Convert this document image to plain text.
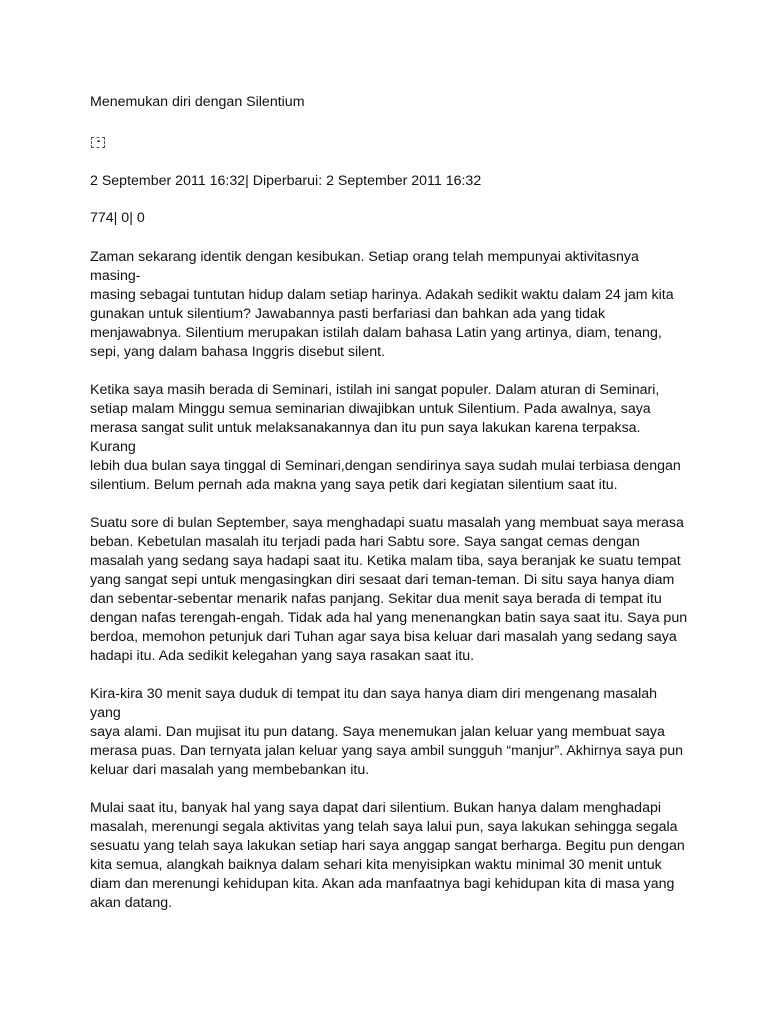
Menemukan diri dengan Silentium
▪▪
2 September 2011 16:32| Diperbarui: 2 September 2011 16:32
774| 0| 0

Zaman sekarang identik dengan kesibukan. Setiap orang telah mempunyai aktivitasnya masing-

masing sebagai tuntutan hidup dalam setiap harinya. Adakah sedikit waktu dalam 24 jam kita

gunakan untuk silentium? Jawabannya pasti berfariasi dan bahkan ada yang tidak

menjawabnya. Silentium merupakan istilah dalam bahasa Latin yang artinya, diam, tenang,

sepi, yang dalam bahasa Inggris disebut silent.

Ketika saya masih berada di Seminari, istilah ini sangat populer. Dalam aturan di Seminari,

setiap malam Minggu semua seminarian diwajibkan untuk Silentium. Pada awalnya, saya

merasa sangat sulit untuk melaksanakannya dan itu pun saya lakukan karena terpaksa. Kurang

lebih dua bulan saya tinggal di Seminari,dengan sendirinya saya sudah mulai terbiasa dengan

silentium. Belum pernah ada makna yang saya petik dari kegiatan silentium saat itu.

Suatu sore di bulan September, saya menghadapi suatu masalah yang membuat saya merasa

beban. Kebetulan masalah itu terjadi pada hari Sabtu sore. Saya sangat cemas dengan

masalah yang sedang saya hadapi saat itu. Ketika malam tiba, saya beranjak ke suatu tempat

yang sangat sepi untuk mengasingkan diri sesaat dari teman-teman. Di situ saya hanya diam

dan sebentar-sebentar menarik nafas panjang. Sekitar dua menit saya berada di tempat itu

dengan nafas terengah-engah. Tidak ada hal yang menenangkan batin saya saat itu. Saya pun

berdoa, memohon petunjuk dari Tuhan agar saya bisa keluar dari masalah yang sedang saya

hadapi itu. Ada sedikit kelegahan yang saya rasakan saat itu.

Kira-kira 30 menit saya duduk di tempat itu dan saya hanya diam diri mengenang masalah yang

saya alami. Dan mujisat itu pun datang. Saya menemukan jalan keluar yang membuat saya

merasa puas. Dan ternyata jalan keluar yang saya ambil sungguh “manjur”. Akhirnya saya pun

keluar dari masalah yang membebankan itu.

Mulai saat itu, banyak hal yang saya dapat dari silentium. Bukan hanya dalam menghadapi

masalah, merenungi segala aktivitas yang telah saya lalui pun, saya lakukan sehingga segala

sesuatu yang telah saya lakukan setiap hari saya anggap sangat berharga. Begitu pun dengan

kita semua, alangkah baiknya dalam sehari kita menyisipkan waktu minimal 30 menit untuk

diam dan merenungi kehidupan kita. Akan ada manfaatnya bagi kehidupan kita di masa yang

akan datang.
